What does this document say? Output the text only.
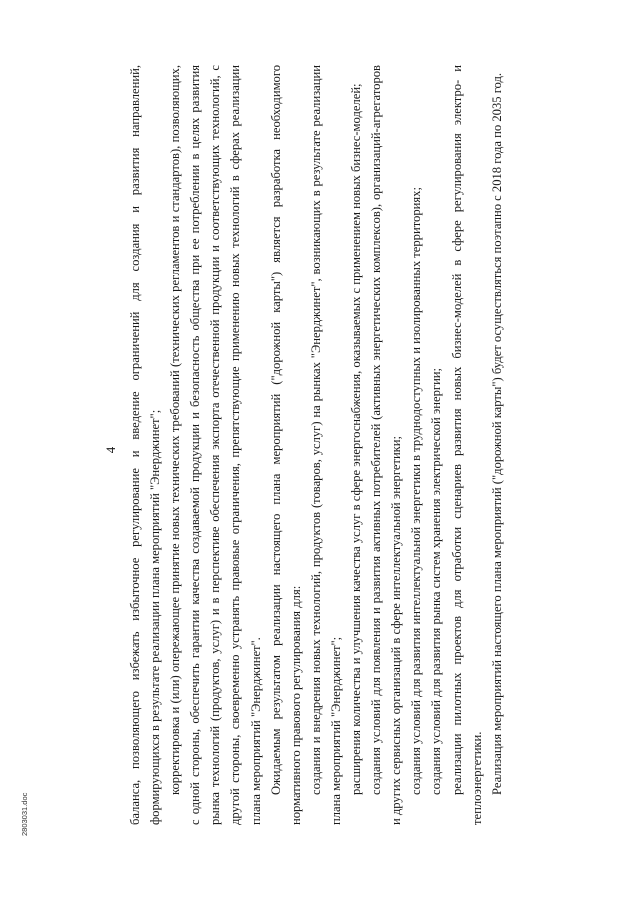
4 баланса, позволяющего избежать избыточное регулирование и введение ограничений для создания и развития направлений, формирующихся в результате реализации плана мероприятий "Энерджинет"; корректировка и (или) опережающее принятие новых технических требований (технических регламентов и стандартов), позволяющих, с одной стороны, обеспечить гарантии качества создаваемой продукции и безопасность общества при ее потреблении в целях развития рынка технологий (продуктов, услуг) и в перспективе обеспечения экспорта отечественной продукции и соответствующих технологий, с другой стороны, своевременно устранять правовые ограничения, препятствующие применению новых технологий в сферах реализации плана мероприятий "Энерджинет". Ожидаемым результатом реализации настоящего плана мероприятий ("дорожной карты") является разработка необходимого нормативного правового регулирования для: создания и внедрения новых технологий, продуктов (товаров, услуг) на рынках "Энерджинет", возникающих в результате реализации плана мероприятий "Энерджинет"; расширения количества и улучшения качества услуг в сфере энергоснабжения, оказываемых с применением новых бизнес-моделей; создания условий для появления и развития активных потребителей (активных энергетических комплексов), организаций-агрегаторов и других сервисных организаций в сфере интеллектуальной энергетики; создания условий для развития интеллектуальной энергетики в труднодоступных и изолированных территориях; создания условий для развития рынка систем хранения электрической энергии; реализации пилотных проектов для отработки сценариев развития новых бизнес-моделей в сфере регулирования электро- и теплоэнергетики. Реализация мероприятий настоящего плана мероприятий ("дорожной карты") будет осуществляться поэтапно с 2018 года по 2035 год.

2803031.doc
